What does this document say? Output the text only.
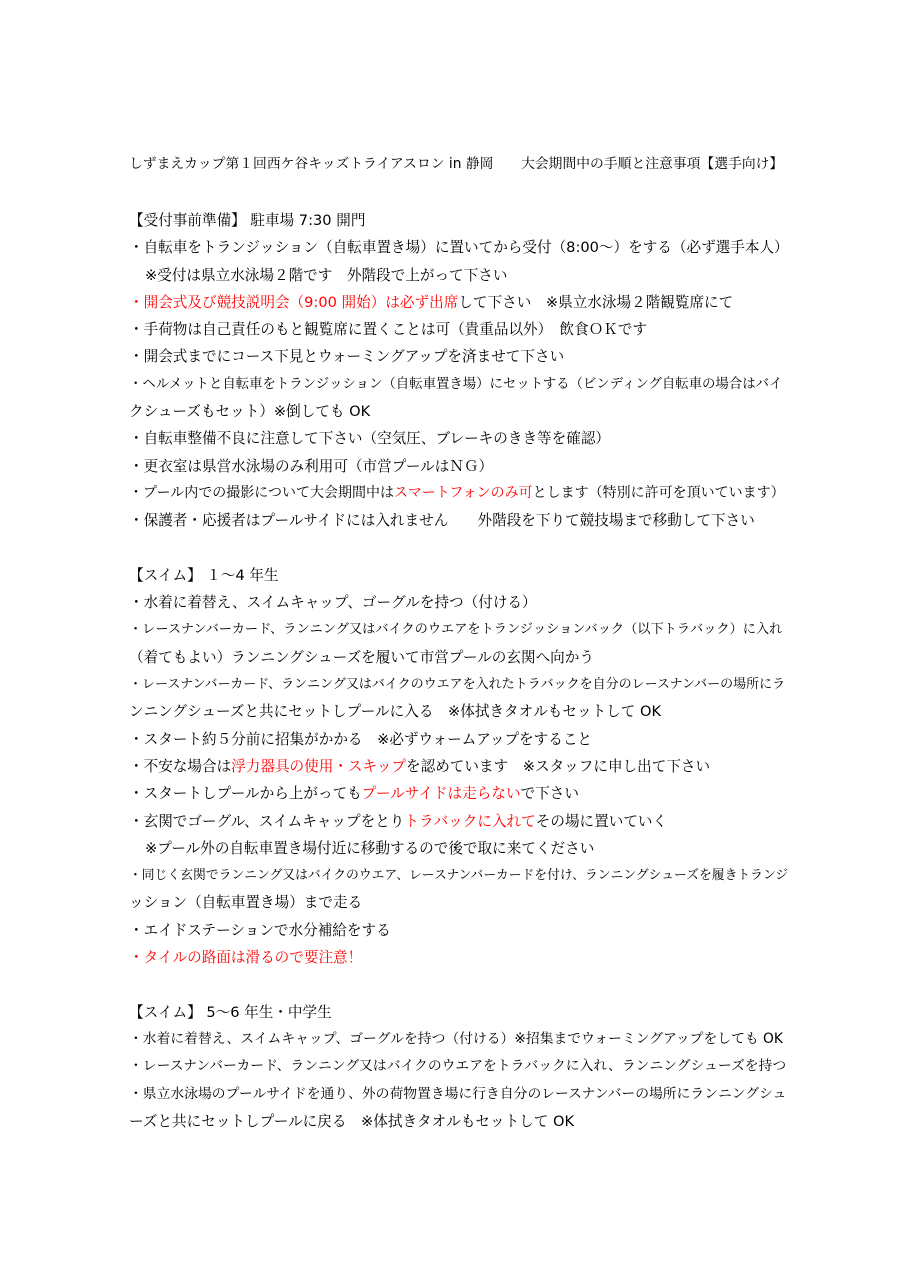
しずまえカップ第１回西ケ谷キッズトライアスロン in 静岡　　大会期間中の手順と注意事項【選手向け】
【受付事前準備】 駐車場 7:30 開門
・自転車をトランジッション（自転車置き場）に置いてから受付（8:00～）をする（必ず選手本人）
※受付は県立水泳場２階です　外階段で上がって下さい
・開会式及び競技説明会（9:00 開始）は必ず出席して下さい　※県立水泳場２階観覧席にて
・手荷物は自己責任のもと観覧席に置くことは可（貴重品以外）　飲食ＯＫです
・開会式までにコース下見とウォーミングアップを済ませて下さい
・ヘルメットと自転車をトランジッション（自転車置き場）にセットする（ビンディング自転車の場合はバイ
クシューズもセット）※倒しても OK
・自転車整備不良に注意して下さい（空気圧、ブレーキのきき等を確認）
・更衣室は県営水泳場のみ利用可（市営プールはＮＧ）
・プール内での撮影について大会期間中はスマートフォンのみ可とします（特別に許可を頂いています）
・保護者・応援者はプールサイドには入れません　　外階段を下りて競技場まで移動して下さい
【スイム】 １～4 年生
・水着に着替え、スイムキャップ、ゴーグルを持つ（付ける）
・レースナンバーカード、ランニング又はバイクのウエアをトランジッションバック（以下トラバック）に入れ
（着てもよい）ランニングシューズを履いて市営プールの玄関へ向かう
・レースナンバーカード、ランニング又はバイクのウエアを入れたトラバックを自分のレースナンバーの場所にラ
ンニングシューズと共にセットしプールに入る　※体拭きタオルもセットして OK
・スタート約５分前に招集がかかる　※必ずウォームアップをすること
・不安な場合は浮力器具の使用・スキップを認めています　※スタッフに申し出て下さい
・スタートしプールから上がってもプールサイドは走らないで下さい
・玄関でゴーグル、スイムキャップをとりトラバックに入れてその場に置いていく
※プール外の自転車置き場付近に移動するので後で取に来てください
・同じく玄関でランニング又はバイクのウエア、レースナンバーカードを付け、ランニングシューズを履きトランジ
ッション（自転車置き場）まで走る
・エイドステーションで水分補給をする
・タイルの路面は滑るので要注意！
【スイム】 5～6 年生・中学生
・水着に着替え、スイムキャップ、ゴーグルを持つ（付ける）※招集までウォーミングアップをしても OK
・レースナンバーカード、ランニング又はバイクのウエアをトラバックに入れ、ランニングシューズを持つ
・県立水泳場のプールサイドを通り、外の荷物置き場に行き自分のレースナンバーの場所にランニングシュ
ーズと共にセットしプールに戻る　※体拭きタオルもセットして OK
